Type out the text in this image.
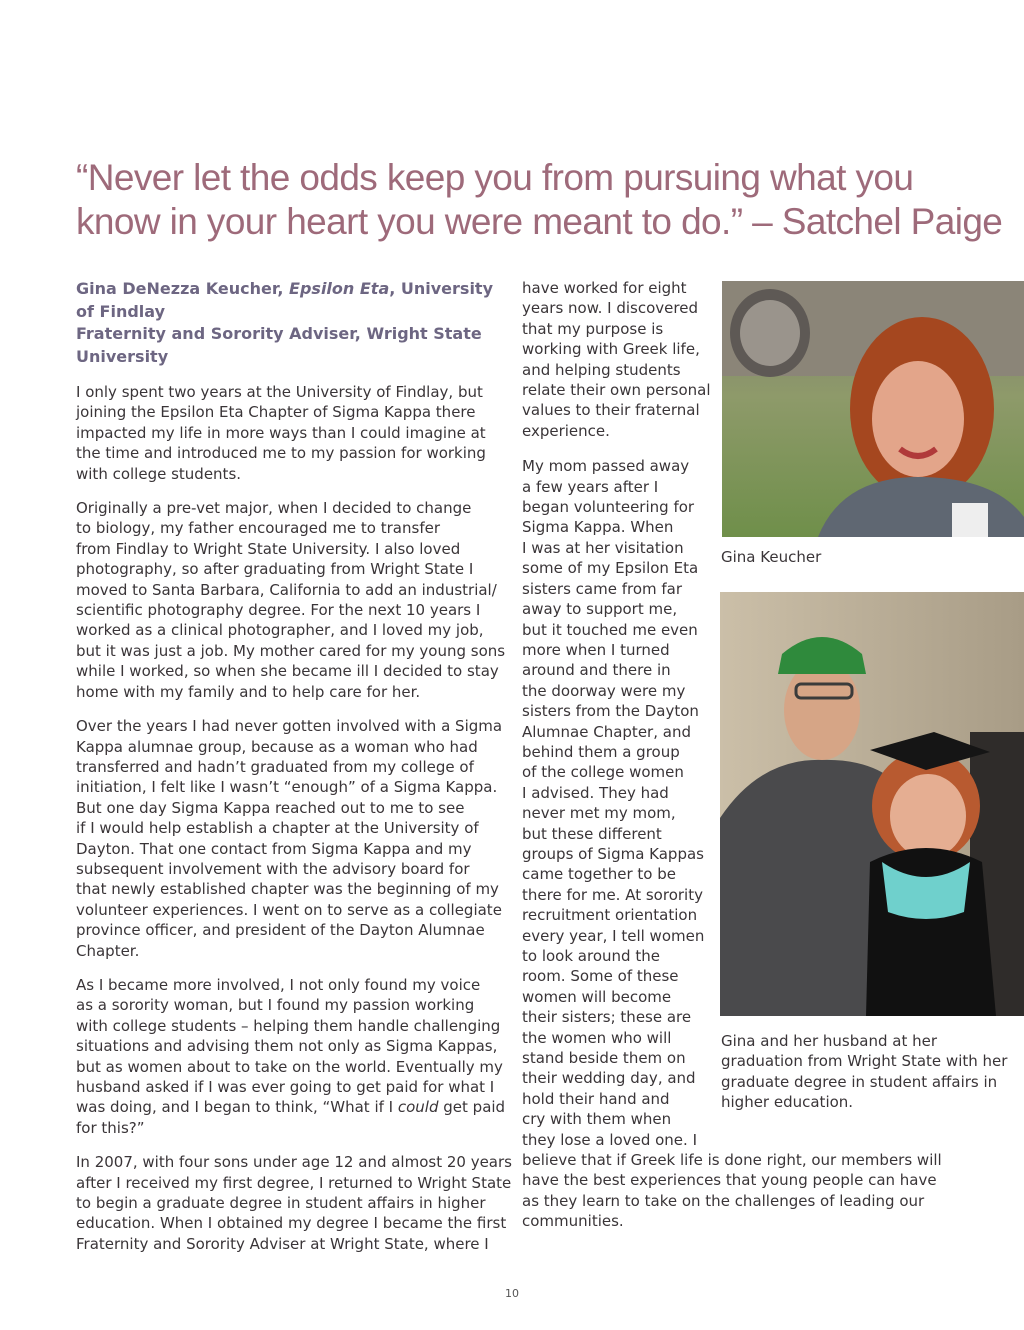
“Never let the odds keep you from pursuing what you
know in your heart you were meant to do.” – Satchel Paige

Gina DeNezza Keucher, Epsilon Eta, University
of Findlay
Fraternity and Sorority Adviser, Wright State
University

I only spent two years at the University of Findlay, but
joining the Epsilon Eta Chapter of Sigma Kappa there
impacted my life in more ways than I could imagine at
the time and introduced me to my passion for working
with college students.

Originally a pre-vet major, when I decided to change
to biology, my father encouraged me to transfer
from Findlay to Wright State University. I also loved
photography, so after graduating from Wright State I
moved to Santa Barbara, California to add an industrial/
scientific photography degree. For the next 10 years I
worked as a clinical photographer, and I loved my job,
but it was just a job. My mother cared for my young sons
while I worked, so when she became ill I decided to stay
home with my family and to help care for her.

Over the years I had never gotten involved with a Sigma
Kappa alumnae group, because as a woman who had
transferred and hadn’t graduated from my college of
initiation, I felt like I wasn’t “enough” of a Sigma Kappa.
But one day Sigma Kappa reached out to me to see
if I would help establish a chapter at the University of
Dayton. That one contact from Sigma Kappa and my
subsequent involvement with the advisory board for
that newly established chapter was the beginning of my
volunteer experiences. I went on to serve as a collegiate
province officer, and president of the Dayton Alumnae
Chapter.

As I became more involved, I not only found my voice
as a sorority woman, but I found my passion working
with college students – helping them handle challenging
situations and advising them not only as Sigma Kappas,
but as women about to take on the world. Eventually my
husband asked if I was ever going to get paid for what I
was doing, and I began to think, “What if I could get paid
for this?”

In 2007, with four sons under age 12 and almost 20 years
after I received my first degree, I returned to Wright State
to begin a graduate degree in student affairs in higher
education. When I obtained my degree I became the first
Fraternity and Sorority Adviser at Wright State, where I

have worked for eight
years now. I discovered
that my purpose is
working with Greek life,
and helping students
relate their own personal
values to their fraternal
experience.

My mom passed away
a few years after I
began volunteering for
Sigma Kappa. When
I was at her visitation
some of my Epsilon Eta
sisters came from far
away to support me,
but it touched me even
more when I turned
around and there in
the doorway were my
sisters from the Dayton
Alumnae Chapter, and
behind them a group
of the college women
I advised. They had
never met my mom,
but these different
groups of Sigma Kappas
came together to be
there for me. At sorority
recruitment orientation
every year, I tell women
to look around the
room. Some of these
women will become
their sisters; these are
the women who will
stand beside them on
their wedding day, and
hold their hand and
cry with them when
they lose a loved one. I
believe that if Greek life is done right, our members will
have the best experiences that young people can have
as they learn to take on the challenges of leading our
communities.

Gina Keucher

Gina and her husband at her
graduation from Wright State with her
graduate degree in student affairs in
higher education.

10
